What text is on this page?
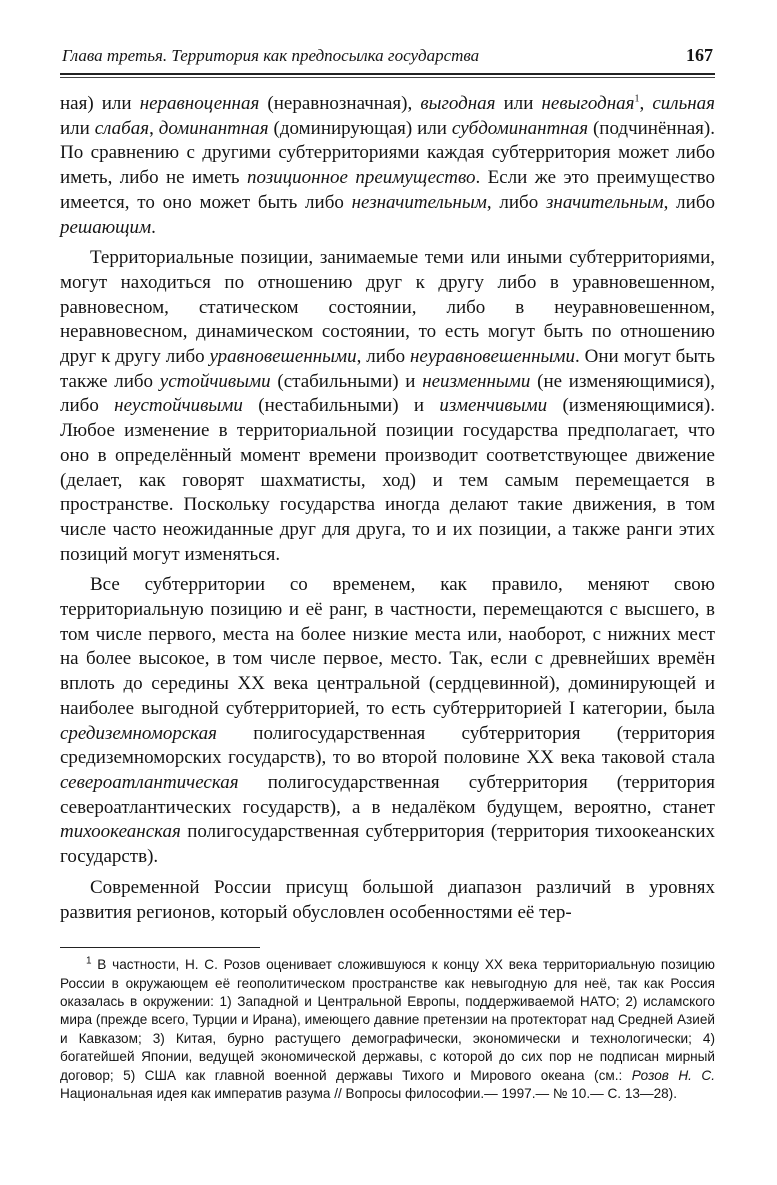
Глава третья. Территория как предпосылка государства	167

ная) или неравноценная (неравнозначная), выгодная или невыгодная$^1$, сильная или слабая, доминантная (доминирующая) или субдоминантная (подчинённая). По сравнению с другими субтерриториями каждая субтерритория может либо иметь, либо не иметь позиционное преимущество. Если же это преимущество имеется, то оно может быть либо незначительным, либо значительным, либо решающим.

Территориальные позиции, занимаемые теми или иными субтерриториями, могут находиться по отношению друг к другу либо в уравновешенном, равновесном, статическом состоянии, либо в неуравновешенном, неравновесном, динамическом состоянии, то есть могут быть по отношению друг к другу либо уравновешенными, либо неуравновешенными. Они могут быть также либо устойчивыми (стабильными) и неизменными (не изменяющимися), либо неустойчивыми (нестабильными) и изменчивыми (изменяющимися). Любое изменение в территориальной позиции государства предполагает, что оно в определённый момент времени производит соответствующее движение (делает, как говорят шахматисты, ход) и тем самым перемещается в пространстве. Поскольку государства иногда делают такие движения, в том числе часто неожиданные друг для друга, то и их позиции, а также ранги этих позиций могут изменяться.

Все субтерритории со временем, как правило, меняют свою территориальную позицию и её ранг, в частности, перемещаются с высшего, в том числе первого, места на более низкие места или, наоборот, с нижних мест на более высокое, в том числе первое, место. Так, если с древнейших времён вплоть до середины XX века центральной (сердцевинной), доминирующей и наиболее выгодной субтерриторией, то есть субтерриторией I категории, была средиземноморская полигосударственная субтерритория (территория средиземноморских государств), то во второй половине XX века таковой стала североатлантическая полигосударственная субтерритория (территория североатлантических государств), а в недалёком будущем, вероятно, станет тихоокеанская полигосударственная субтерритория (территория тихоокеанских государств).

Современной России присущ большой диапазон различий в уровнях развития регионов, который обусловлен особенностями её тер-

$^1$ В частности, Н. С. Розов оценивает сложившуюся к концу XX века территориальную позицию России в окружающем её геополитическом пространстве как невыгодную для неё, так как Россия оказалась в окружении: 1) Западной и Центральной Европы, поддерживаемой НАТО; 2) исламского мира (прежде всего, Турции и Ирана), имеющего давние претензии на протекторат над Средней Азией и Кавказом; 3) Китая, бурно растущего демографически, экономически и технологически; 4) богатейшей Японии, ведущей экономической державы, с которой до сих пор не подписан мирный договор; 5) США как главной военной державы Тихого и Мирового океана (см.: Розов Н. С. Национальная идея как императив разума // Вопросы философии.— 1997.— № 10.— С. 13—28).
